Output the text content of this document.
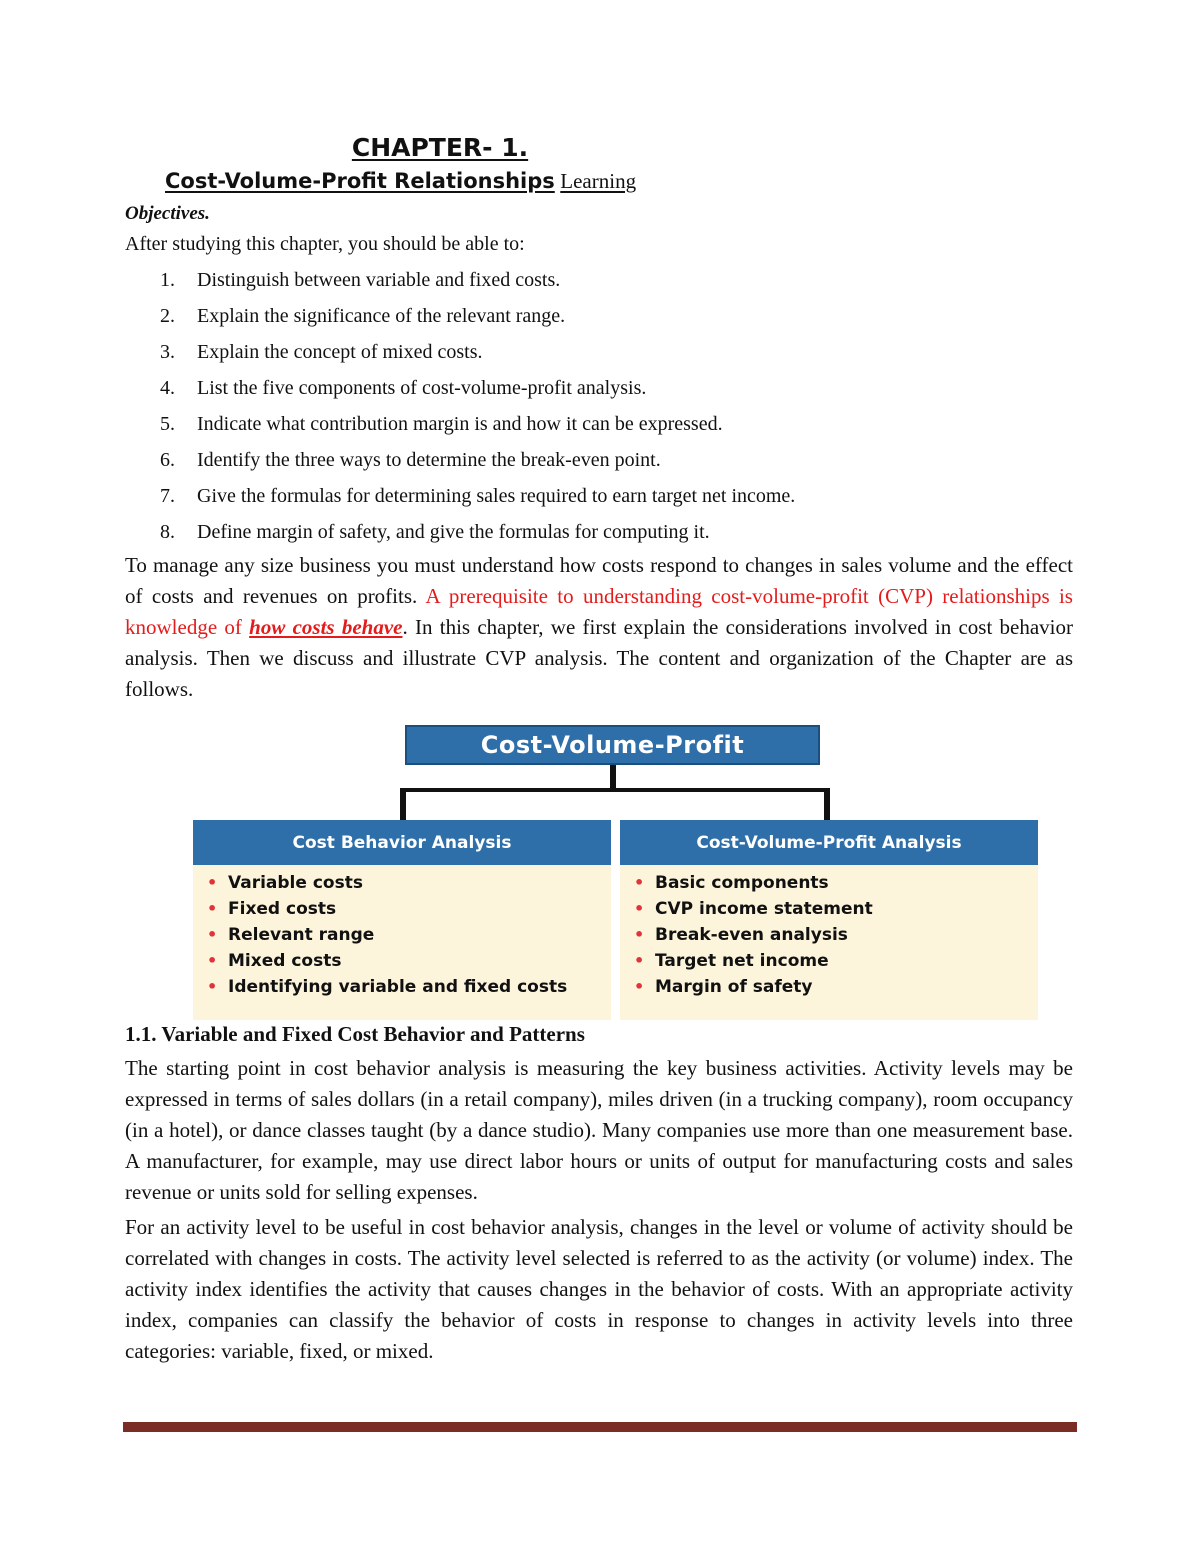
CHAPTER- 1.
Cost-Volume-Profit Relationships Learning
Objectives.
After studying this chapter, you should be able to:
1.	Distinguish between variable and fixed costs.
2.	Explain the significance of the relevant range.
3.	Explain the concept of mixed costs.
4.	List the five components of cost-volume-profit analysis.
5.	Indicate what contribution margin is and how it can be expressed.
6.	Identify the three ways to determine the break-even point.
7.	Give the formulas for determining sales required to earn target net income.
8.	Define margin of safety, and give the formulas for computing it.

To manage any size business you must understand how costs respond to changes in sales volume and the effect of costs and revenues on profits. A prerequisite to understanding cost-volume-profit (CVP) relationships is knowledge of how costs behave. In this chapter, we first explain the considerations involved in cost behavior analysis. Then we discuss and illustrate CVP analysis. The content and organization of the Chapter are as follows.

Cost-Volume-Profit
Cost Behavior Analysis	Cost-Volume-Profit Analysis
• Variable costs
• Fixed costs
• Relevant range
• Mixed costs
• Identifying variable and fixed costs
• Basic components
• CVP income statement
• Break-even analysis
• Target net income
• Margin of safety
1.1. Variable and Fixed Cost Behavior and Patterns

The starting point in cost behavior analysis is measuring the key business activities. Activity levels may be expressed in terms of sales dollars (in a retail company), miles driven (in a trucking company), room occupancy (in a hotel), or dance classes taught (by a dance studio). Many companies use more than one measurement base. A manufacturer, for example, may use direct labor hours or units of output for manufacturing costs and sales revenue or units sold for selling expenses.

For an activity level to be useful in cost behavior analysis, changes in the level or volume of activity should be correlated with changes in costs. The activity level selected is referred to as the activity (or volume) index. The activity index identifies the activity that causes changes in the behavior of costs. With an appropriate activity index, companies can classify the behavior of costs in response to changes in activity levels into three categories: variable, fixed, or mixed.
